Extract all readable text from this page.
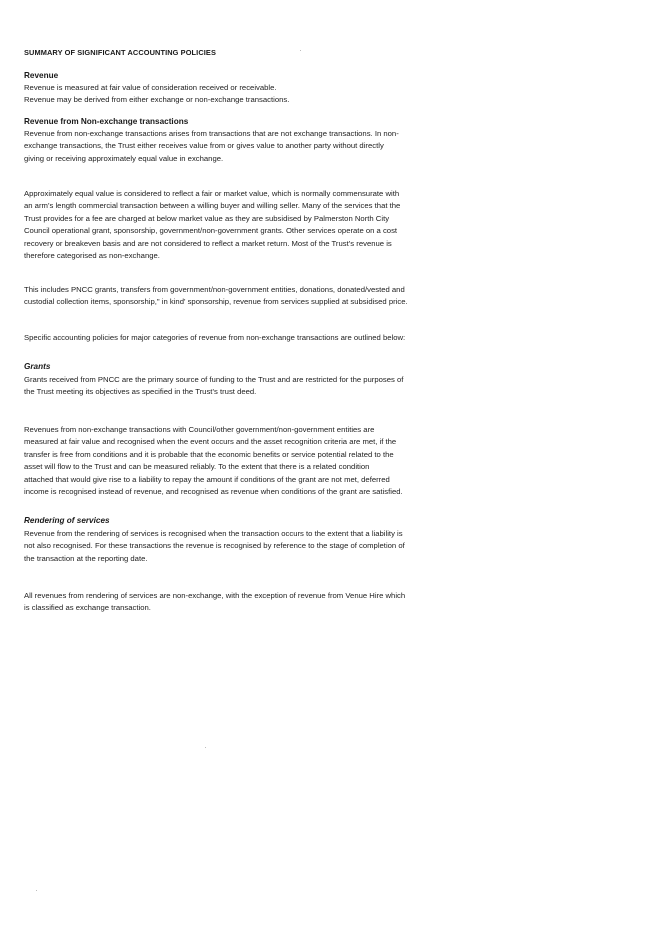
SUMMARY OF SIGNIFICANT ACCOUNTING POLICIES
Revenue

Revenue is measured at fair value of consideration received or receivable.
Revenue may be derived from either exchange or non-exchange transactions.

Revenue from Non-exchange transactions

Revenue from non-exchange transactions arises from transactions that are not exchange transactions. In non-
exchange transactions, the Trust either receives value from or gives value to another party without directly
giving or receiving approximately equal value in exchange.

Approximately equal value is considered to reflect a fair or market value, which is normally commensurate with
an arm’s length commercial transaction between a willing buyer and willing seller. Many of the services that the
Trust provides for a fee are charged at below market value as they are subsidised by Palmerston North City
Council operational grant, sponsorship, government/non-government grants. Other services operate on a cost
recovery or breakeven basis and are not considered to reflect a market return. Most of the Trust’s revenue is
therefore categorised as non-exchange.

This includes PNCC grants, transfers from government/non-government entities, donations, donated/vested and
custodial collection items, sponsorship," in kind' sponsorship, revenue from services supplied at subsidised price.

Specific accounting policies for major categories of revenue from non-exchange transactions are outlined below:

Grants

Grants received from PNCC are the primary source of funding to the Trust and are restricted for the purposes of
the Trust meeting its objectives as specified in the Trust’s trust deed.

Revenues from non-exchange transactions with Council/other government/non-government entities are
measured at fair value and recognised when the event occurs and the asset recognition criteria are met, if the
transfer is free from conditions and it is probable that the economic benefits or service potential related to the
asset will flow to the Trust and can be measured reliably. To the extent that there is a related condition
attached that would give rise to a liability to repay the amount if conditions of the grant are not met, deferred
income is recognised instead of revenue, and recognised as revenue when conditions of the grant are satisfied.

Rendering of services

Revenue from the rendering of services is recognised when the transaction occurs to the extent that a liability is
not also recognised. For these transactions the revenue is recognised by reference to the stage of completion of
the transaction at the reporting date.

All revenues from rendering of services are non-exchange, with the exception of revenue from Venue Hire which
is classified as exchange transaction.
